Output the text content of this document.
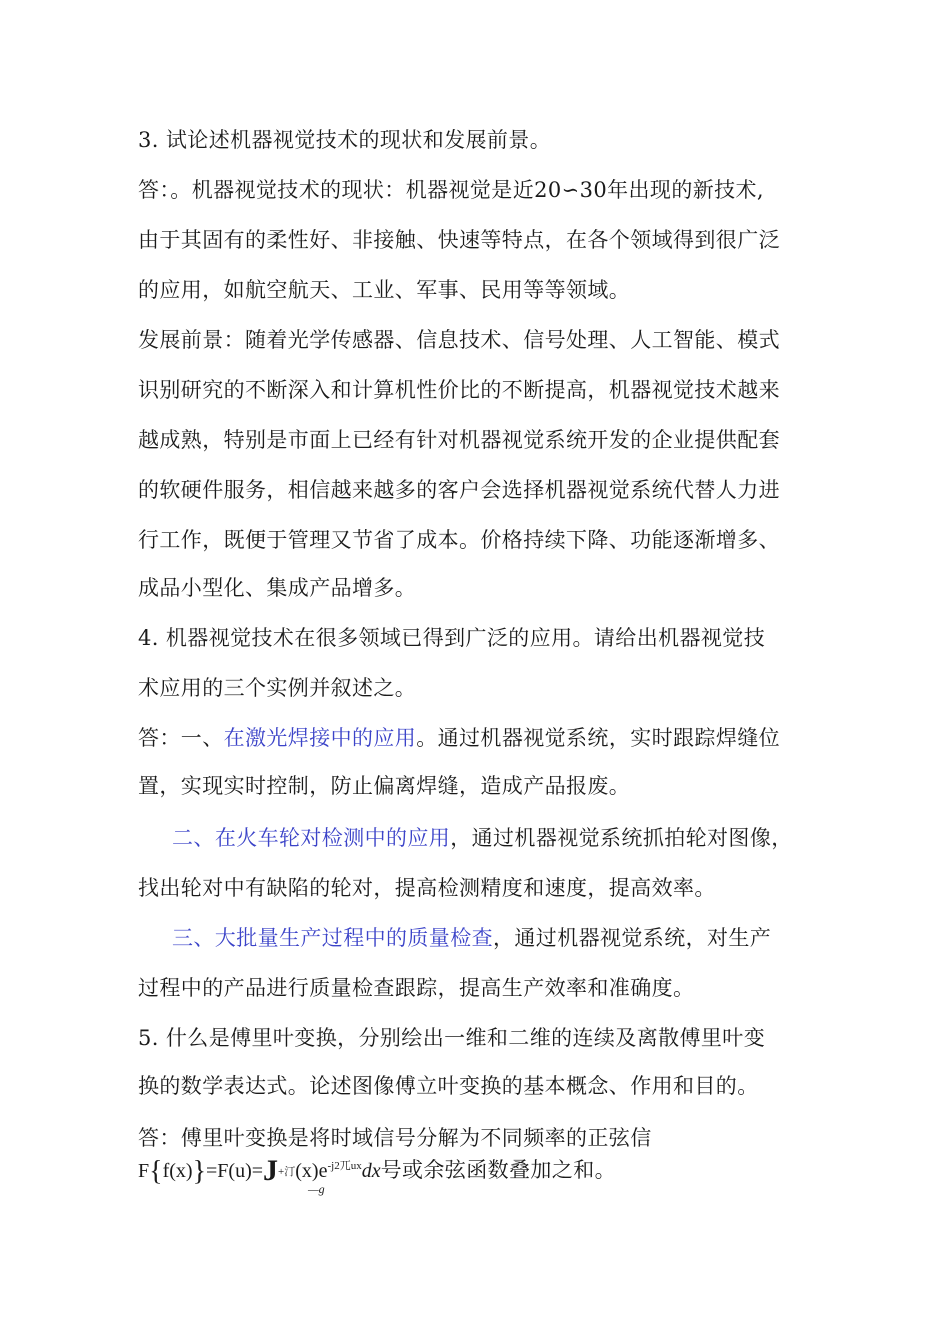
3. 试论述机器视觉技术的现状和发展前景。
答：。机器视觉技术的现状：机器视觉是近20∽30年出现的新技术,
由于其固有的柔性好、非接触、快速等特点，在各个领域得到很广泛
的应用，如航空航天、工业、军事、民用等等领域。
发展前景：随着光学传感器、信息技术、信号处理、人工智能、模式
识别研究的不断深入和计算机性价比的不断提高，机器视觉技术越来
越成熟，特别是市面上已经有针对机器视觉系统开发的企业提供配套
的软硬件服务，相信越来越多的客户会选择机器视觉系统代替人力进
行工作，既便于管理又节省了成本。价格持续下降、功能逐渐增多、
成品小型化、集成产品增多。
4. 机器视觉技术在很多领域已得到广泛的应用。请给出机器视觉技
术应用的三个实例并叙述之。
答：一、在激光焊接中的应用。通过机器视觉系统，实时跟踪焊缝位
置，实现实时控制，防止偏离焊缝，造成产品报废。
二、在火车轮对检测中的应用，通过机器视觉系统抓拍轮对图像，
找出轮对中有缺陷的轮对，提高检测精度和速度，提高效率。
三、大批量生产过程中的质量检查，通过机器视觉系统，对生产
过程中的产品进行质量检查跟踪，提高生产效率和准确度。
5. 什么是傅里叶变换，分别绘出一维和二维的连续及离散傅里叶变
换的数学表达式。论述图像傅立叶变换的基本概念、作用和目的。
答：傅里叶变换是将时域信号分解为不同频率的正弦信
F{f(x)}=F(u)=J+汀$(x)e^{-j2兀ux}dx$号或余弦函数叠加之和。
—g
